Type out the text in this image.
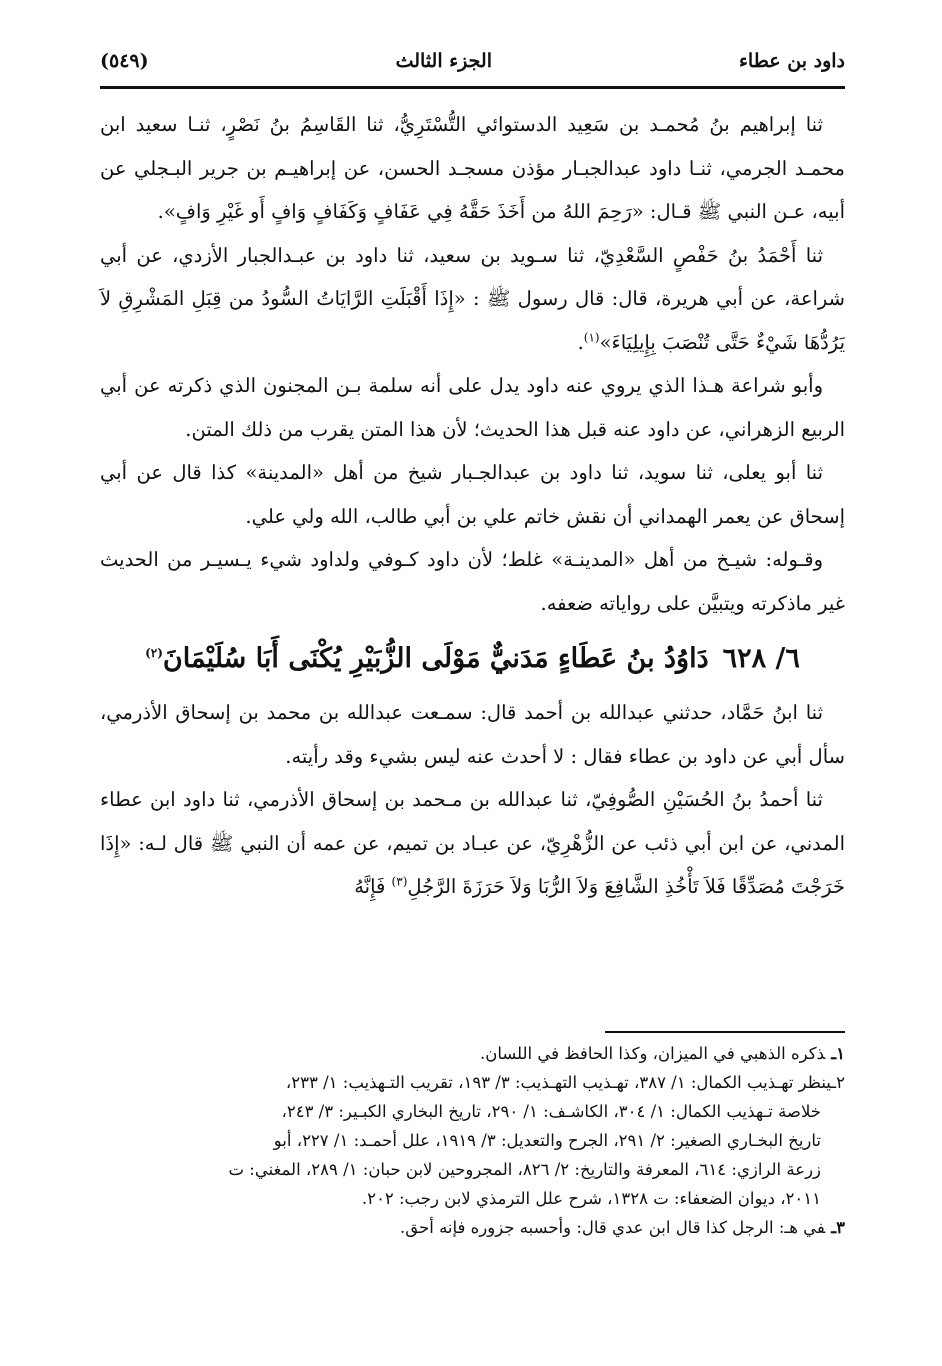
داود بن عطاء
الجزء الثالث
(٥٤٩)

ثنا إبراهيم بنُ مُحمـد بن سَعِيد الدستوائي التُّسْتَرِيُّ، ثنا القَاسِمُ بنُ نَصْرٍ، ثنـا سعيد ابن محمـد الجرمي، ثنـا داود عبدالجبـار مؤذن مسجـد الحسن، عن إبراهيـم بن جرير البـجلي عن أبيه، عـن النبي ﷺ قـال: «رَحِمَ اللهُ من أَخَذَ حَقَّهُ فِي عَفَافٍ وَكَفَافٍ وَافٍ أَو غَيْرِ وَافٍ».

ثنا أَحْمَدُ بنُ حَفْصٍ السَّعْدِيّ، ثنا سـويد بن سعيد، ثنا داود بن عبـدالجبار الأزدي، عن أبي شراعة، عن أبي هريرة، قال: قال رسول ﷺ : «إِذَا أَقْبَلَتِ الرَّايَاتُ السُّودُ من قِبَلِ المَشْرِقِ لاَ يَرُدُّهَا شَيْءٌ حَتَّى تُنْصَبَ بِإِيلِيَاءَ»$^{(١)}$.

وأبو شراعة هـذا الذي يروي عنه داود يدل على أنه سلمة بـن المجنون الذي ذكرته عن أبي الربيع الزهراني، عن داود عنه قبل هذا الحديث؛ لأن هذا المتن يقرب من ذلك المتن.

ثنا أبو يعلى، ثنا سويد، ثنا داود بن عبدالجـبار شيخ من أهل «المدينة» كذا قال عن أبي إسحاق عن يعمر الهمداني أن نقش خاتم علي بن أبي طالب، الله ولي علي.

وقـوله: شيـخ من أهل «المدينـة» غلط؛ لأن داود كـوفي ولداود شيء يـسيـر من الحديث غير ماذكرته ويتبيَّن على رواياته ضعفه.

٦/ ٦٢٨دَاوُدُ بنُ عَطَاءٍ مَدَنيٌّ مَوْلَى الزُّبَيْرِ يُكْنَى أَبَا سُلَيْمَانَ$^{(٢)}$

ثنا ابنُ حَمَّاد، حدثني عبدالله بن أحمد قال: سمـعت عبدالله بن محمد بن إسحاق الأذرمي، سأل أبي عن داود بن عطاء فقال : لا أحدث عنه ليس بشيء وقد رأيته.

ثنا أحمدُ بنُ الحُسَيْنِ الصُّوفِيّ، ثنا عبدالله بن مـحمد بن إسحاق الأذرمي، ثنا داود ابن عطاء المدني، عن ابن أبي ذئب عن الزُّهْرِيّ، عن عبـاد بن تميم، عن عمه أن النبي ﷺ قال لـه: «إِذَا خَرَجْتَ مُصَدِّقًا فَلاَ تَأْخُذِ الشَّافِعَ وَلاَ الرُّبَا وَلاَ حَرَزَةَ الرَّجُلِ$^{(٣)}$ فَإِنَّهُ

١ـذكره الذهبي في الميزان، وكذا الحافظ في اللسان.

٢ـينظر تهـذيب الكمال: ١/ ٣٨٧، تهـذيب التهـذيب: ٣/ ١٩٣، تقريب التـهذيب: ١/ ٢٣٣،

خلاصة تـهذيب الكمال: ١/ ٣٠٤، الكاشـف: ١/ ٢٩٠، تاريخ البخاري الكبـير: ٣/ ٢٤٣،

تاريخ البخـاري الصغير: ٢/ ٢٩١، الجرح والتعديل: ٣/ ١٩١٩، علل أحمـد: ١/ ٢٢٧، أبو

زرعة الرازي: ٦١٤، المعرفة والتاريخ: ٢/ ٨٢٦، المجروحين لابن حبان: ١/ ٢٨٩، المغني: ت

٢٠١١، ديوان الضعفاء: ت ١٣٢٨، شرح علل الترمذي لابن رجب: ٢٠٢.

٣ـفي هـ: الرجل كذا قال ابن عدي قال: وأحسبه جزوره فإنه أحق.
